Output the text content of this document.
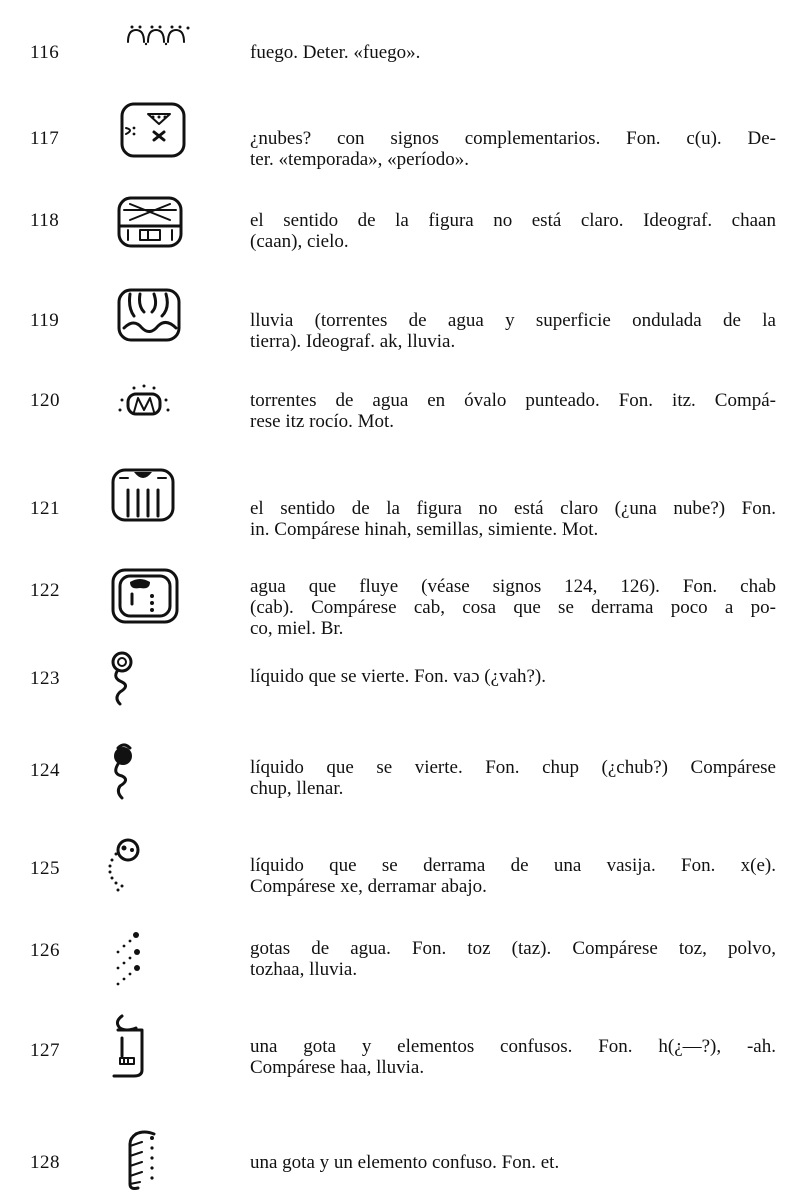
116	fuego. Deter. «fuego».
117	¿nubes? con signos complementarios. Fon. c(u). De-
ter. «temporada», «período».
118	el sentido de la figura no está claro. Ideograf. chaan
(caan), cielo.
119	lluvia (torrentes de agua y superficie ondulada de la
tierra). Ideograf. ak, lluvia.
120	torrentes de agua en óvalo punteado. Fon. itz. Compá-
rese itz rocío. Mot.
121	el sentido de la figura no está claro (¿una nube?) Fon.
in. Compárese hinah, semillas, simiente. Mot.
122	agua que fluye (véase signos 124, 126). Fon. chab
(cab). Compárese cab, cosa que se derrama poco a po-
co, miel. Br.
123	líquido que se vierte. Fon. vaɔ (¿vah?).
124	líquido que se vierte. Fon. chup (¿chub?) Compárese
chup, llenar.
125	líquido que se derrama de una vasija. Fon. x(e).
Compárese xe, derramar abajo.
126	gotas de agua. Fon. toz (taz). Compárese toz, polvo,
tozhaa, lluvia.
127	una gota y elementos confusos. Fon. h(¿—?), -ah.
Compárese haa, lluvia.
128	una gota y un elemento confuso. Fon. et.
